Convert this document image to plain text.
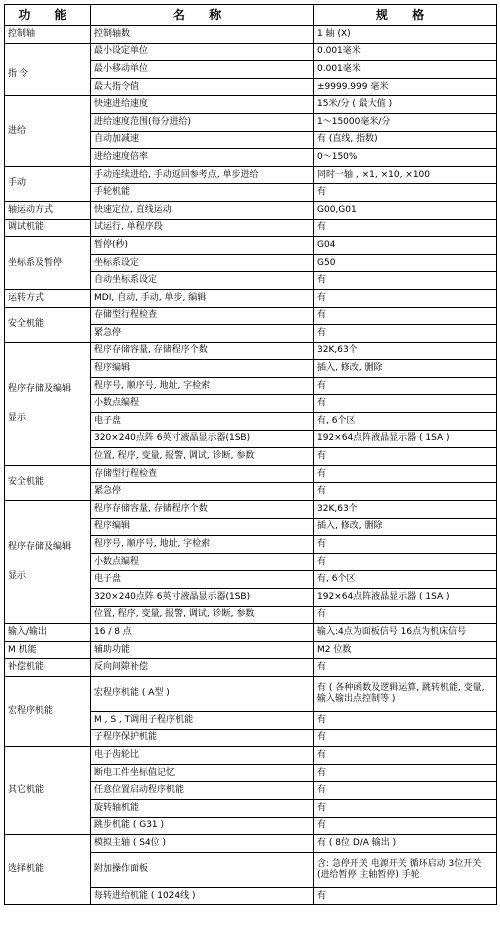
功 能	名 称	规 格

控制轴	控制轴数	1 轴 (X)

　　　　　　　　 指令	最小设定单位	0.001毫米
	最小移动单位	0.001毫米
	最大指令值	±9999.999 毫米

进给	快速进给速度	15米/分 ( 最大值 )
	进给速度范围(每分进给)	1～15000毫米/分
	自动加减速	有 (直线, 指数)
	进给速度倍率	0～150%

手动	手动连续进给, 手动返回参考点, 单步进给	同时一轴 , ×1, ×10, ×100
	手轮机能	有

轴运动方式	快速定位, 直线运动	G00,G01

调试机能	试运行, 单程序段	有

坐标系及暂停	暂停(秒)	G04
	坐标系设定	G50
	自动坐标系设定	有

运转方式	MDI, 自动, 手动, 单步, 编辑	有

安全机能	存储型行程检查	有
	紧急停	有

程序存储及编辑
显示	程序存储容量, 存储程序个数	32K,63个
	程序编辑	插入, 修改, 删除
	程序号, 顺序号, 地址, 字检索	有
	小数点编程	有
	电子盘	有, 6个区
	320×240点阵 6英寸液晶显示器(1SB)	192×64点阵液晶显示器 ( 1SA )
	位置, 程序, 变量, 报警, 调试, 诊断, 参数	有

安全机能	存储型行程检查	有
	紧急停	有

程序存储及编辑
显示	程序存储容量, 存储程序个数	32K,63个
	程序编辑	插入, 修改, 删除
	程序号, 顺序号, 地址, 字检索	有
	小数点编程	有
	电子盘	有, 6个区
	320×240点阵 6英寸液晶显示器(1SB)	192×64点阵液晶显示器 ( 1SA )
	位置, 程序, 变量, 报警, 调试, 诊断, 参数	有

输入/输出	16 / 8 点	输入:4点为面板信号 16点为机床信号

M 机能	辅助功能	M2 位数

补偿机能	反向间隙补偿	有

宏程序机能	宏程序机能 ( A型 )	有 ( 各种函数及逻辑运算, 跳转机能, 变量, 输入输出点控制等 )
	M , S , T调用子程序机能	有
	子程序保护机能	有

其它机能	电子齿轮比	有
	断电工件坐标值记忆	有
	任意位置启动程序机能	有
	旋转轴机能	有
	跳步机能 ( G31 )	有

选择机能	模拟主轴 ( S4位 )	有 ( 8位 D/A 输出 )
	附加操作面板	含: 急停开关 电源开关 循环启动 3位开关(进给暂停 主轴暂停) 手轮
	每转进给机能 ( 1024线 )	有
